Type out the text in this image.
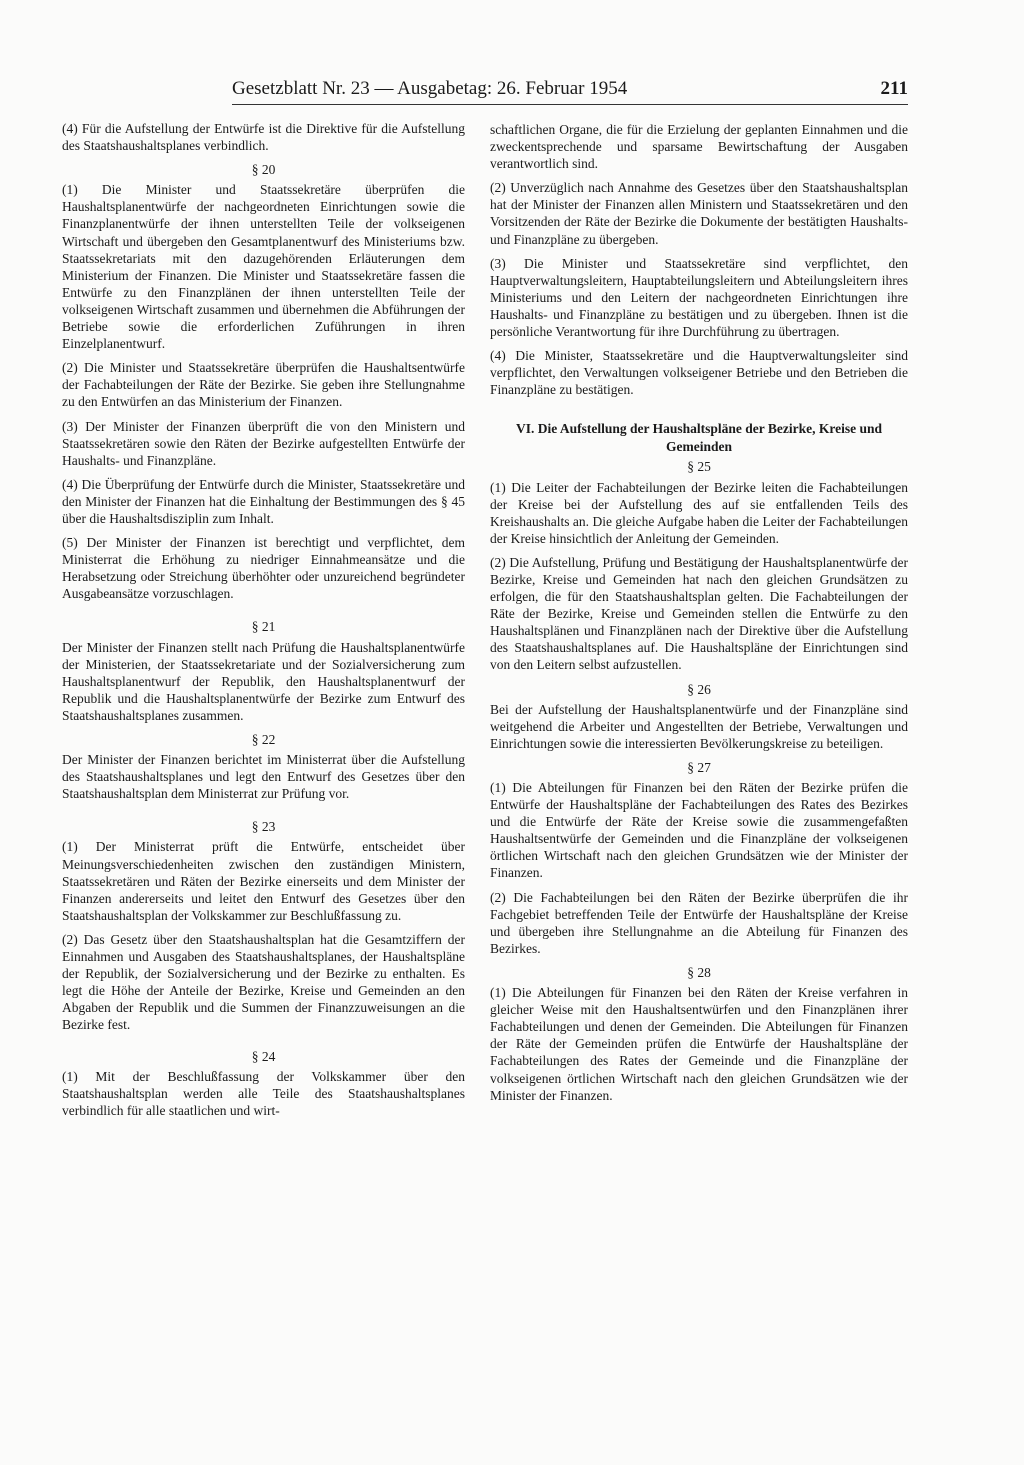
Gesetzblatt Nr. 23 — Ausgabetag: 26. Februar 1954	211

(4) Für die Aufstellung der Entwürfe ist die Direktive für die Aufstellung des Staatshaushaltsplanes verbindlich.

§ 20

(1) Die Minister und Staatssekretäre überprüfen die Haushaltsplanentwürfe der nachgeordneten Einrichtungen sowie die Finanzplanentwürfe der ihnen unterstellten Teile der volkseigenen Wirtschaft und übergeben den Gesamtplanentwurf des Ministeriums bzw. Staatssekretariats mit den dazugehörenden Erläuterungen dem Ministerium der Finanzen. Die Minister und Staatssekretäre fassen die Entwürfe zu den Finanzplänen der ihnen unterstellten Teile der volkseigenen Wirtschaft zusammen und übernehmen die Abführungen der Betriebe sowie die erforderlichen Zuführungen in ihren Einzelplanentwurf.

(2) Die Minister und Staatssekretäre überprüfen die Haushaltsentwürfe der Fachabteilungen der Räte der Bezirke. Sie geben ihre Stellungnahme zu den Entwürfen an das Ministerium der Finanzen.

(3) Der Minister der Finanzen überprüft die von den Ministern und Staatssekretären sowie den Räten der Bezirke aufgestellten Entwürfe der Haushalts- und Finanzpläne.

(4) Die Überprüfung der Entwürfe durch die Minister, Staatssekretäre und den Minister der Finanzen hat die Einhaltung der Bestimmungen des § 45 über die Haushaltsdisziplin zum Inhalt.

(5) Der Minister der Finanzen ist berechtigt und verpflichtet, dem Ministerrat die Erhöhung zu niedriger Einnahmeansätze und die Herabsetzung oder Streichung überhöhter oder unzureichend begründeter Ausgabeansätze vorzuschlagen.

§ 21

Der Minister der Finanzen stellt nach Prüfung die Haushaltsplanentwürfe der Ministerien, der Staatssekretariate und der Sozialversicherung zum Haushaltsplanentwurf der Republik, den Haushaltsplanentwurf der Republik und die Haushaltsplanentwürfe der Bezirke zum Entwurf des Staatshaushaltsplanes zusammen.

§ 22

Der Minister der Finanzen berichtet im Ministerrat über die Aufstellung des Staatshaushaltsplanes und legt den Entwurf des Gesetzes über den Staatshaushaltsplan dem Ministerrat zur Prüfung vor.

§ 23

(1) Der Ministerrat prüft die Entwürfe, entscheidet über Meinungsverschiedenheiten zwischen den zuständigen Ministern, Staatssekretären und Räten der Bezirke einerseits und dem Minister der Finanzen andererseits und leitet den Entwurf des Gesetzes über den Staatshaushaltsplan der Volkskammer zur Beschlußfassung zu.

(2) Das Gesetz über den Staatshaushaltsplan hat die Gesamtziffern der Einnahmen und Ausgaben des Staatshaushaltsplanes, der Haushaltspläne der Republik, der Sozialversicherung und der Bezirke zu enthalten. Es legt die Höhe der Anteile der Bezirke, Kreise und Gemeinden an den Abgaben der Republik und die Summen der Finanzzuweisungen an die Bezirke fest.

§ 24

(1) Mit der Beschlußfassung der Volkskammer über den Staatshaushaltsplan werden alle Teile des Staatshaushaltsplanes verbindlich für alle staatlichen und wirt-

schaftlichen Organe, die für die Erzielung der geplanten Einnahmen und die zweckentsprechende und sparsame Bewirtschaftung der Ausgaben verantwortlich sind.

(2) Unverzüglich nach Annahme des Gesetzes über den Staatshaushaltsplan hat der Minister der Finanzen allen Ministern und Staatssekretären und den Vorsitzenden der Räte der Bezirke die Dokumente der bestätigten Haushalts- und Finanzpläne zu übergeben.

(3) Die Minister und Staatssekretäre sind verpflichtet, den Hauptverwaltungsleitern, Hauptabteilungsleitern und Abteilungsleitern ihres Ministeriums und den Leitern der nachgeordneten Einrichtungen ihre Haushalts- und Finanzpläne zu bestätigen und zu übergeben. Ihnen ist die persönliche Verantwortung für ihre Durchführung zu übertragen.

(4) Die Minister, Staatssekretäre und die Hauptverwaltungsleiter sind verpflichtet, den Verwaltungen volkseigener Betriebe und den Betrieben die Finanzpläne zu bestätigen.

VI. Die Aufstellung der Haushaltspläne der Bezirke, Kreise und Gemeinden
§ 25

(1) Die Leiter der Fachabteilungen der Bezirke leiten die Fachabteilungen der Kreise bei der Aufstellung des auf sie entfallenden Teils des Kreishaushalts an. Die gleiche Aufgabe haben die Leiter der Fachabteilungen der Kreise hinsichtlich der Anleitung der Gemeinden.

(2) Die Aufstellung, Prüfung und Bestätigung der Haushaltsplanentwürfe der Bezirke, Kreise und Gemeinden hat nach den gleichen Grundsätzen zu erfolgen, die für den Staatshaushaltsplan gelten. Die Fachabteilungen der Räte der Bezirke, Kreise und Gemeinden stellen die Entwürfe zu den Haushaltsplänen und Finanzplänen nach der Direktive über die Aufstellung des Staatshaushaltsplanes auf. Die Haushaltspläne der Einrichtungen sind von den Leitern selbst aufzustellen.

§ 26

Bei der Aufstellung der Haushaltsplanentwürfe und der Finanzpläne sind weitgehend die Arbeiter und Angestellten der Betriebe, Verwaltungen und Einrichtungen sowie die interessierten Bevölkerungskreise zu beteiligen.

§ 27

(1) Die Abteilungen für Finanzen bei den Räten der Bezirke prüfen die Entwürfe der Haushaltspläne der Fachabteilungen des Rates des Bezirkes und die Entwürfe der Räte der Kreise sowie die zusammengefaßten Haushaltsentwürfe der Gemeinden und die Finanzpläne der volkseigenen örtlichen Wirtschaft nach den gleichen Grundsätzen wie der Minister der Finanzen.

(2) Die Fachabteilungen bei den Räten der Bezirke überprüfen die ihr Fachgebiet betreffenden Teile der Entwürfe der Haushaltspläne der Kreise und übergeben ihre Stellungnahme an die Abteilung für Finanzen des Bezirkes.

§ 28

(1) Die Abteilungen für Finanzen bei den Räten der Kreise verfahren in gleicher Weise mit den Haushaltsentwürfen und den Finanzplänen ihrer Fachabteilungen und denen der Gemeinden. Die Abteilungen für Finanzen der Räte der Gemeinden prüfen die Entwürfe der Haushaltspläne der Fachabteilungen des Rates der Gemeinde und die Finanzpläne der volkseigenen örtlichen Wirtschaft nach den gleichen Grundsätzen wie der Minister der Finanzen.
